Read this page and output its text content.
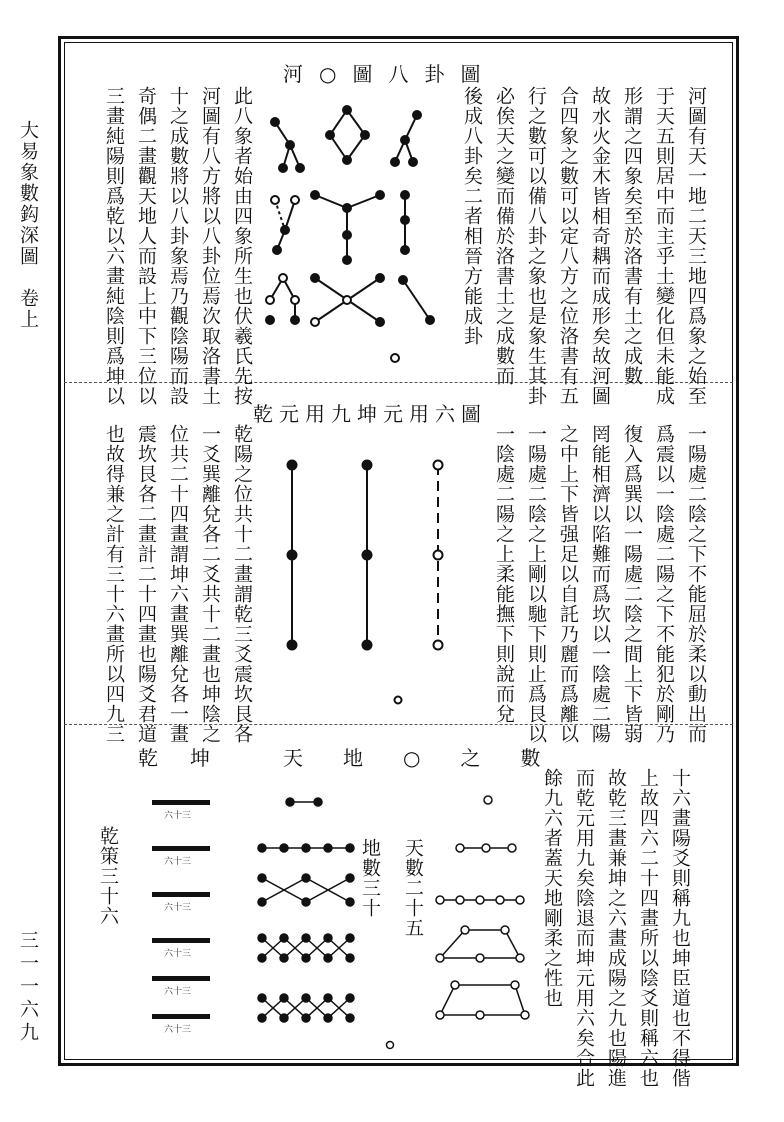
大易象數鈎深圖　卷上
三一一六九
河○圖八卦圖
河圖有天一地二天三地四爲象之始至
于天五則居中而主乎土變化但未能成
形謂之四象矣至於洛書有土之成數
故水火金木皆相奇耦而成形矣故河圖
合四象之數可以定八方之位洛書有五
行之數可以備八卦之象也是象生其卦
必俟天之變而備於洛書土之成數而
後成八卦矣二者相晉方能成卦
此八象者始由四象所生也伏羲氏先按
河圖有八方將以八卦位焉次取洛書土
十之成數將以八卦象焉乃觀陰陽而設
奇偶二畫觀天地人而設上中下三位以
三畫純陽則爲乾以六畫純陰則爲坤以
乾元用九坤元用六圖
一陽處二陰之下不能屈於柔以動出而
爲震以一陰處二陽之下不能犯於剛乃
復入爲巽以一陽處二陰之間上下皆弱
罔能相濟以陷難而爲坎以一陰處二陽
之中上下皆强足以自託乃麗而爲離以
一陽處二陰之上剛以馳下則止爲艮以
一陰處二陽之上柔能撫下則說而兌
乾陽之位共十二畫謂乾三爻震坎艮各
一爻巽離兌各二爻共十二畫也坤陰之
位共二十四畫謂坤六畫巽離兌各一畫
震坎艮各二畫計二十四畫也陽爻君道
也故得兼之計有三十六畫所以四九三
天地○之數
乾坤
十六畫陽爻則稱九也坤臣道也不得偕
上故四六二十四畫所以陰爻則稱六也
故乾三畫兼坤之六畫成陽之九也陽進
而乾元用九矣陰退而坤元用六矣合此
餘九六者蓋天地剛柔之性也
天數二十五
地數三十
乾策三十六
六十三
六十三
六十三
六十三
六十三
六十三
